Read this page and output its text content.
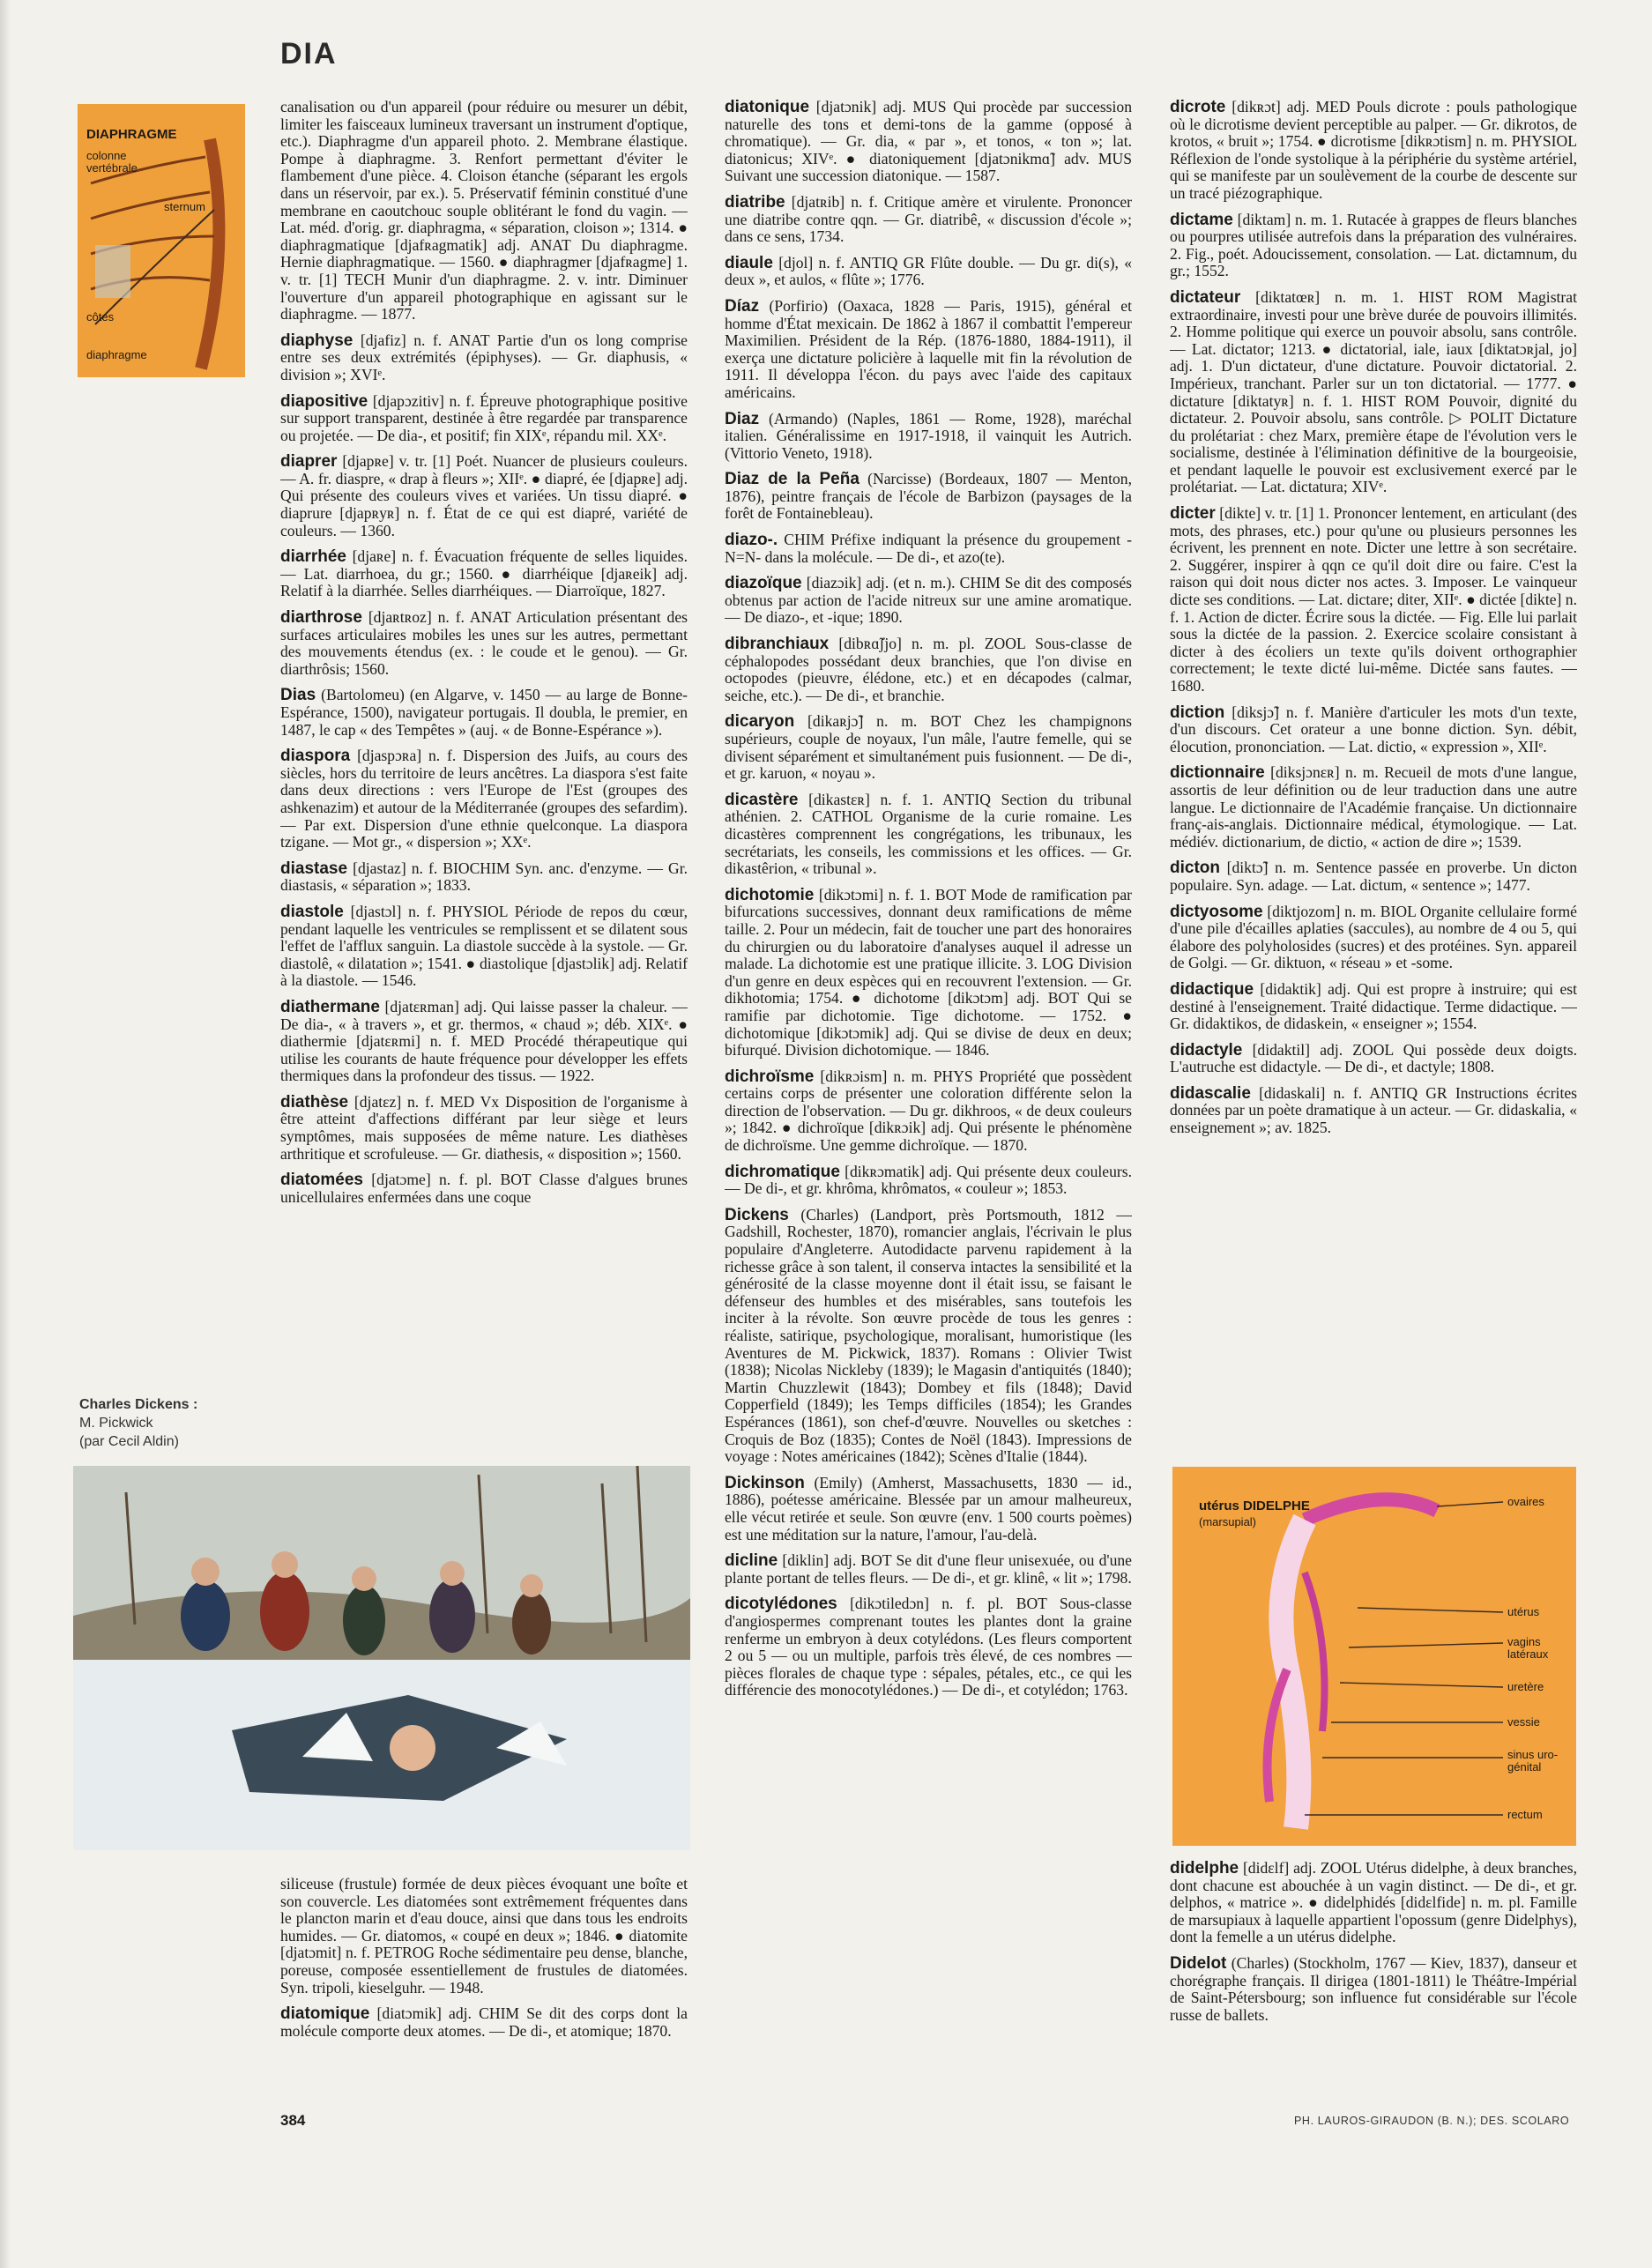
DIA
DIAPHRAGME
colonne vertébrale
sternum
côtes
diaphragme

canalisation ou d'un appareil (pour réduire ou mesurer un débit, limiter les faisceaux lumineux traversant un instrument d'optique, etc.). Diaphragme d'un appareil photo. 2. Membrane élastique. Pompe à diaphragme. 3. Renfort permettant d'éviter le flambement d'une pièce. 4. Cloison étanche (séparant les ergols dans un réservoir, par ex.). 5. Préservatif féminin constitué d'une membrane en caoutchouc souple oblitérant le fond du vagin. — Lat. méd. d'orig. gr. diaphragma, « séparation, cloison »; 1314. ● diaphragmatique [djafʀagmatik] adj. ANAT Du diaphragme. Hernie diaphragmatique. — 1560. ● diaphragmer [djafʀagme] 1. v. tr. [1] TECH Munir d'un diaphragme. 2. v. intr. Diminuer l'ouverture d'un appareil photographique en agissant sur le diaphragme. — 1877.

diaphyse [djafiz] n. f. ANAT Partie d'un os long comprise entre ses deux extrémités (épiphyses). — Gr. diaphusis, « division »; XVIᵉ.

diapositive [djapɔzitiv] n. f. Épreuve photographique positive sur support transparent, destinée à être regardée par transparence ou projetée. — De dia-, et positif; fin XIXᵉ, répandu mil. XXᵉ.

diaprer [djapʀe] v. tr. [1] Poét. Nuancer de plusieurs couleurs. — A. fr. diaspre, « drap à fleurs »; XIIᵉ. ● diapré, ée [djapʀe] adj. Qui présente des couleurs vives et variées. Un tissu diapré. ● diaprure [djapʀyʀ] n. f. État de ce qui est diapré, variété de couleurs. — 1360.

diarrhée [djaʀe] n. f. Évacuation fréquente de selles liquides. — Lat. diarrhoea, du gr.; 1560. ● diarrhéique [djaʀeik] adj. Relatif à la diarrhée. Selles diarrhéiques. — Diarroïque, 1827.

diarthrose [djaʀtʀoz] n. f. ANAT Articulation présentant des surfaces articulaires mobiles les unes sur les autres, permettant des mouvements étendus (ex. : le coude et le genou). — Gr. diarthrôsis; 1560.

Dias (Bartolomeu) (en Algarve, v. 1450 — au large de Bonne-Espérance, 1500), navigateur portugais. Il doubla, le premier, en 1487, le cap « des Tempêtes » (auj. « de Bonne-Espérance »).

diaspora [djaspɔʀa] n. f. Dispersion des Juifs, au cours des siècles, hors du territoire de leurs ancêtres. La diaspora s'est faite dans deux directions : vers l'Europe de l'Est (groupes des ashkenazim) et autour de la Méditerranée (groupes des sefardim). — Par ext. Dispersion d'une ethnie quelconque. La diaspora tzigane. — Mot gr., « dispersion »; XXᵉ.

diastase [djastaz] n. f. BIOCHIM Syn. anc. d'enzyme. — Gr. diastasis, « séparation »; 1833.

diastole [djastɔl] n. f. PHYSIOL Période de repos du cœur, pendant laquelle les ventricules se remplissent et se dilatent sous l'effet de l'afflux sanguin. La diastole succède à la systole. — Gr. diastolê, « dilatation »; 1541. ● diastolique [djastɔlik] adj. Relatif à la diastole. — 1546.

diathermane [djatɛʀman] adj. Qui laisse passer la chaleur. — De dia-, « à travers », et gr. thermos, « chaud »; déb. XIXᵉ. ● diathermie [djatɛʀmi] n. f. MED Procédé thérapeutique qui utilise les courants de haute fréquence pour développer les effets thermiques dans la profondeur des tissus. — 1922.

diathèse [djatɛz] n. f. MED Vx Disposition de l'organisme à être atteint d'affections différant par leur siège et leurs symptômes, mais supposées de même nature. Les diathèses arthritique et scrofuleuse. — Gr. diathesis, « disposition »; 1560.

diatomées [djatɔme] n. f. pl. BOT Classe d'algues brunes unicellulaires enfermées dans une coque

Charles Dickens :
M. Pickwick
(par Cecil Aldin)

siliceuse (frustule) formée de deux pièces évoquant une boîte et son couvercle. Les diatomées sont extrêmement fréquentes dans le plancton marin et d'eau douce, ainsi que dans tous les endroits humides. — Gr. diatomos, « coupé en deux »; 1846. ● diatomite [djatɔmit] n. f. PETROG Roche sédimentaire peu dense, blanche, poreuse, composée essentiellement de frustules de diatomées. Syn. tripoli, kieselguhr. — 1948.

diatomique [diatɔmik] adj. CHIM Se dit des corps dont la molécule comporte deux atomes. — De di-, et atomique; 1870.

diatonique [djatɔnik] adj. MUS Qui procède par succession naturelle des tons et demi-tons de la gamme (opposé à chromatique). — Gr. dia, « par », et tonos, « ton »; lat. diatonicus; XIVᵉ. ● diatoniquement [djatɔnikmɑ̃] adv. MUS Suivant une succession diatonique. — 1587.

diatribe [djatʀib] n. f. Critique amère et virulente. Prononcer une diatribe contre qqn. — Gr. diatribê, « discussion d'école »; dans ce sens, 1734.

diaule [djol] n. f. ANTIQ GR Flûte double. — Du gr. di(s), « deux », et aulos, « flûte »; 1776.

Díaz (Porfirio) (Oaxaca, 1828 — Paris, 1915), général et homme d'État mexicain. De 1862 à 1867 il combattit l'empereur Maximilien. Président de la Rép. (1876-1880, 1884-1911), il exerça une dictature policière à laquelle mit fin la révolution de 1911. Il développa l'écon. du pays avec l'aide des capitaux américains.

Diaz (Armando) (Naples, 1861 — Rome, 1928), maréchal italien. Généralissime en 1917-1918, il vainquit les Autrich. (Vittorio Veneto, 1918).

Diaz de la Peña (Narcisse) (Bordeaux, 1807 — Menton, 1876), peintre français de l'école de Barbizon (paysages de la forêt de Fontainebleau).

diazo-. CHIM Préfixe indiquant la présence du groupement -N=N- dans la molécule. — De di-, et azo(te).

diazoïque [diazɔik] adj. (et n. m.). CHIM Se dit des composés obtenus par action de l'acide nitreux sur une amine aromatique. — De diazo-, et -ique; 1890.

dibranchiaux [dibʀɑ̃ʃjo] n. m. pl. ZOOL Sous-classe de céphalopodes possédant deux branchies, que l'on divise en octopodes (pieuvre, élédone, etc.) et en décapodes (calmar, seiche, etc.). — De di-, et branchie.

dicaryon [dikaʀjɔ̃] n. m. BOT Chez les champignons supérieurs, couple de noyaux, l'un mâle, l'autre femelle, qui se divisent séparément et simultanément puis fusionnent. — De di-, et gr. karuon, « noyau ».

dicastère [dikastɛʀ] n. f. 1. ANTIQ Section du tribunal athénien. 2. CATHOL Organisme de la curie romaine. Les dicastères comprennent les congrégations, les tribunaux, les secrétariats, les conseils, les commissions et les offices. — Gr. dikastêrion, « tribunal ».

dichotomie [dikɔtɔmi] n. f. 1. BOT Mode de ramification par bifurcations successives, donnant deux ramifications de même taille. 2. Pour un médecin, fait de toucher une part des honoraires du chirurgien ou du laboratoire d'analyses auquel il adresse un malade. La dichotomie est une pratique illicite. 3. LOG Division d'un genre en deux espèces qui en recouvrent l'extension. — Gr. dikhotomia; 1754. ● dichotome [dikɔtɔm] adj. BOT Qui se ramifie par dichotomie. Tige dichotome. — 1752. ● dichotomique [dikɔtɔmik] adj. Qui se divise de deux en deux; bifurqué. Division dichotomique. — 1846.

dichroïsme [dikʀɔism] n. m. PHYS Propriété que possèdent certains corps de présenter une coloration différente selon la direction de l'observation. — Du gr. dikhroos, « de deux couleurs »; 1842. ● dichroïque [dikʀɔik] adj. Qui présente le phénomène de dichroïsme. Une gemme dichroïque. — 1870.

dichromatique [dikʀɔmatik] adj. Qui présente deux couleurs. — De di-, et gr. khrôma, khrômatos, « couleur »; 1853.

Dickens (Charles) (Landport, près Portsmouth, 1812 — Gadshill, Rochester, 1870), romancier anglais, l'écrivain le plus populaire d'Angleterre. Autodidacte parvenu rapidement à la richesse grâce à son talent, il conserva intactes la sensibilité et la générosité de la classe moyenne dont il était issu, se faisant le défenseur des humbles et des misérables, sans toutefois les inciter à la révolte. Son œuvre procède de tous les genres : réaliste, satirique, psychologique, moralisant, humoristique (les Aventures de M. Pickwick, 1837). Romans : Olivier Twist (1838); Nicolas Nickleby (1839); le Magasin d'antiquités (1840); Martin Chuzzlewit (1843); Dombey et fils (1848); David Copperfield (1849); les Temps difficiles (1854); les Grandes Espérances (1861), son chef-d'œuvre. Nouvelles ou sketches : Croquis de Boz (1835); Contes de Noël (1843). Impressions de voyage : Notes américaines (1842); Scènes d'Italie (1844).

Dickinson (Emily) (Amherst, Massachusetts, 1830 — id., 1886), poétesse américaine. Blessée par un amour malheureux, elle vécut retirée et seule. Son œuvre (env. 1 500 courts poèmes) est une méditation sur la nature, l'amour, l'au-delà.

dicline [diklin] adj. BOT Se dit d'une fleur unisexuée, ou d'une plante portant de telles fleurs. — De di-, et gr. klinê, « lit »; 1798.

dicotylédones [dikɔtiledɔn] n. f. pl. BOT Sous-classe d'angiospermes comprenant toutes les plantes dont la graine renferme un embryon à deux cotylédons. (Les fleurs comportent 2 ou 5 — ou un multiple, parfois très élevé, de ces nombres — pièces florales de chaque type : sépales, pétales, etc., ce qui les différencie des monocotylédones.) — De di-, et cotylédon; 1763.

dicrote [dikʀɔt] adj. MED Pouls dicrote : pouls pathologique où le dicrotisme devient perceptible au palper. — Gr. dikrotos, de krotos, « bruit »; 1754. ● dicrotisme [dikʀɔtism] n. m. PHYSIOL Réflexion de l'onde systolique à la périphérie du système artériel, qui se manifeste par un soulèvement de la courbe de descente sur un tracé piézographique.

dictame [diktam] n. m. 1. Rutacée à grappes de fleurs blanches ou pourpres utilisée autrefois dans la préparation des vulnéraires. 2. Fig., poét. Adoucissement, consolation. — Lat. dictamnum, du gr.; 1552.

dictateur [diktatœʀ] n. m. 1. HIST ROM Magistrat extraordinaire, investi pour une brève durée de pouvoirs illimités. 2. Homme politique qui exerce un pouvoir absolu, sans contrôle. — Lat. dictator; 1213. ● dictatorial, iale, iaux [diktatɔʀjal, jo] adj. 1. D'un dictateur, d'une dictature. Pouvoir dictatorial. 2. Impérieux, tranchant. Parler sur un ton dictatorial. — 1777. ● dictature [diktatyʀ] n. f. 1. HIST ROM Pouvoir, dignité du dictateur. 2. Pouvoir absolu, sans contrôle. ▷ POLIT Dictature du prolétariat : chez Marx, première étape de l'évolution vers le socialisme, destinée à l'élimination définitive de la bourgeoisie, et pendant laquelle le pouvoir est exclusivement exercé par le prolétariat. — Lat. dictatura; XIVᵉ.

dicter [dikte] v. tr. [1] 1. Prononcer lentement, en articulant (des mots, des phrases, etc.) pour qu'une ou plusieurs personnes les écrivent, les prennent en note. Dicter une lettre à son secrétaire. 2. Suggérer, inspirer à qqn ce qu'il doit dire ou faire. C'est la raison qui doit nous dicter nos actes. 3. Imposer. Le vainqueur dicte ses conditions. — Lat. dictare; diter, XIIᵉ. ● dictée [dikte] n. f. 1. Action de dicter. Écrire sous la dictée. — Fig. Elle lui parlait sous la dictée de la passion. 2. Exercice scolaire consistant à dicter à des écoliers un texte qu'ils doivent orthographier correctement; le texte dicté lui-même. Dictée sans fautes. — 1680.

diction [diksjɔ̃] n. f. Manière d'articuler les mots d'un texte, d'un discours. Cet orateur a une bonne diction. Syn. débit, élocution, prononciation. — Lat. dictio, « expression », XIIᵉ.

dictionnaire [diksjɔnɛʀ] n. m. Recueil de mots d'une langue, assortis de leur définition ou de leur traduction dans une autre langue. Le dictionnaire de l'Académie française. Un dictionnaire franç-ais-anglais. Dictionnaire médical, étymologique. — Lat. médiév. dictionarium, de dictio, « action de dire »; 1539.

dicton [diktɔ̃] n. m. Sentence passée en proverbe. Un dicton populaire. Syn. adage. — Lat. dictum, « sentence »; 1477.

dictyosome [diktjozom] n. m. BIOL Organite cellulaire formé d'une pile d'écailles aplaties (saccules), au nombre de 4 ou 5, qui élabore des polyholosides (sucres) et des protéines. Syn. appareil de Golgi. — Gr. diktuon, « réseau » et -some.

didactique [didaktik] adj. Qui est propre à instruire; qui est destiné à l'enseignement. Traité didactique. Terme didactique. — Gr. didaktikos, de didaskein, « enseigner »; 1554.

didactyle [didaktil] adj. ZOOL Qui possède deux doigts. L'autruche est didactyle. — De di-, et dactyle; 1808.

didascalie [didaskali] n. f. ANTIQ GR Instructions écrites données par un poète dramatique à un acteur. — Gr. didaskalia, « enseignement »; av. 1825.

utérus DIDELPHE
(marsupial)
ovaires
utérus
vagins latéraux
uretère
vessie
sinus uro-génital
rectum

didelphe [didɛlf] adj. ZOOL Utérus didelphe, à deux branches, dont chacune est abouchée à un vagin distinct. — De di-, et gr. delphos, « matrice ». ● didelphidés [didɛlfide] n. m. pl. Famille de marsupiaux à laquelle appartient l'opossum (genre Didelphys), dont la femelle a un utérus didelphe.

Didelot (Charles) (Stockholm, 1767 — Kiev, 1837), danseur et chorégraphe français. Il dirigea (1801-1811) le Théâtre-Impérial de Saint-Pétersbourg; son influence fut considérable sur l'école russe de ballets.

384	PH. LAUROS-GIRAUDON (B. N.); DES. SCOLARO
